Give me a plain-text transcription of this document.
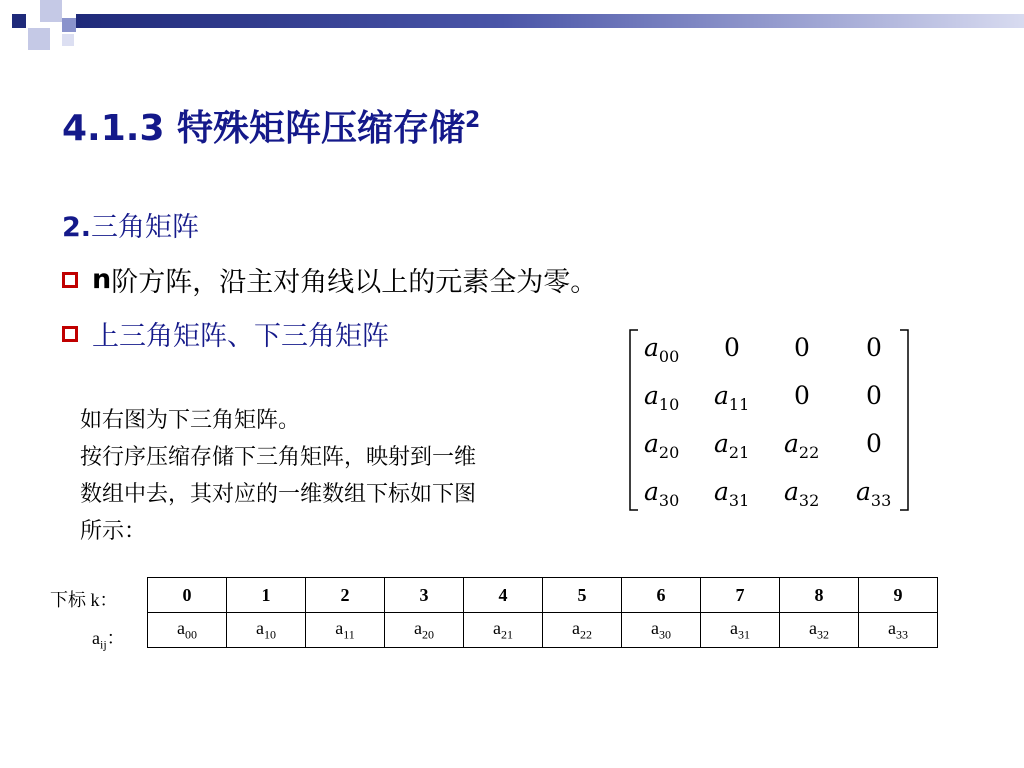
4.1.3 特殊矩阵压缩存储$^2$
2.三角矩阵
n 阶方阵，沿主对角线以上的元素全为零。
上三角矩阵、下三角矩阵
如右图为下三角矩阵。
按行序压缩存储下三角矩阵，映射到一维
数组中去，其对应的一维数组下标如下图
所示：
$a_{00}$ 0 0 0
$a_{10}$ $a_{11}$ 0 0
$a_{20}$ $a_{21}$ $a_{22}$ 0
$a_{30}$ $a_{31}$ $a_{32}$ $a_{33}$
下标 k：
$a_{ij}$：
0	1	2	3	4	5	6	7	8	9
$a_{00}$	$a_{10}$	$a_{11}$	$a_{20}$	$a_{21}$	$a_{22}$	$a_{30}$	$a_{31}$	$a_{32}$	$a_{33}$
